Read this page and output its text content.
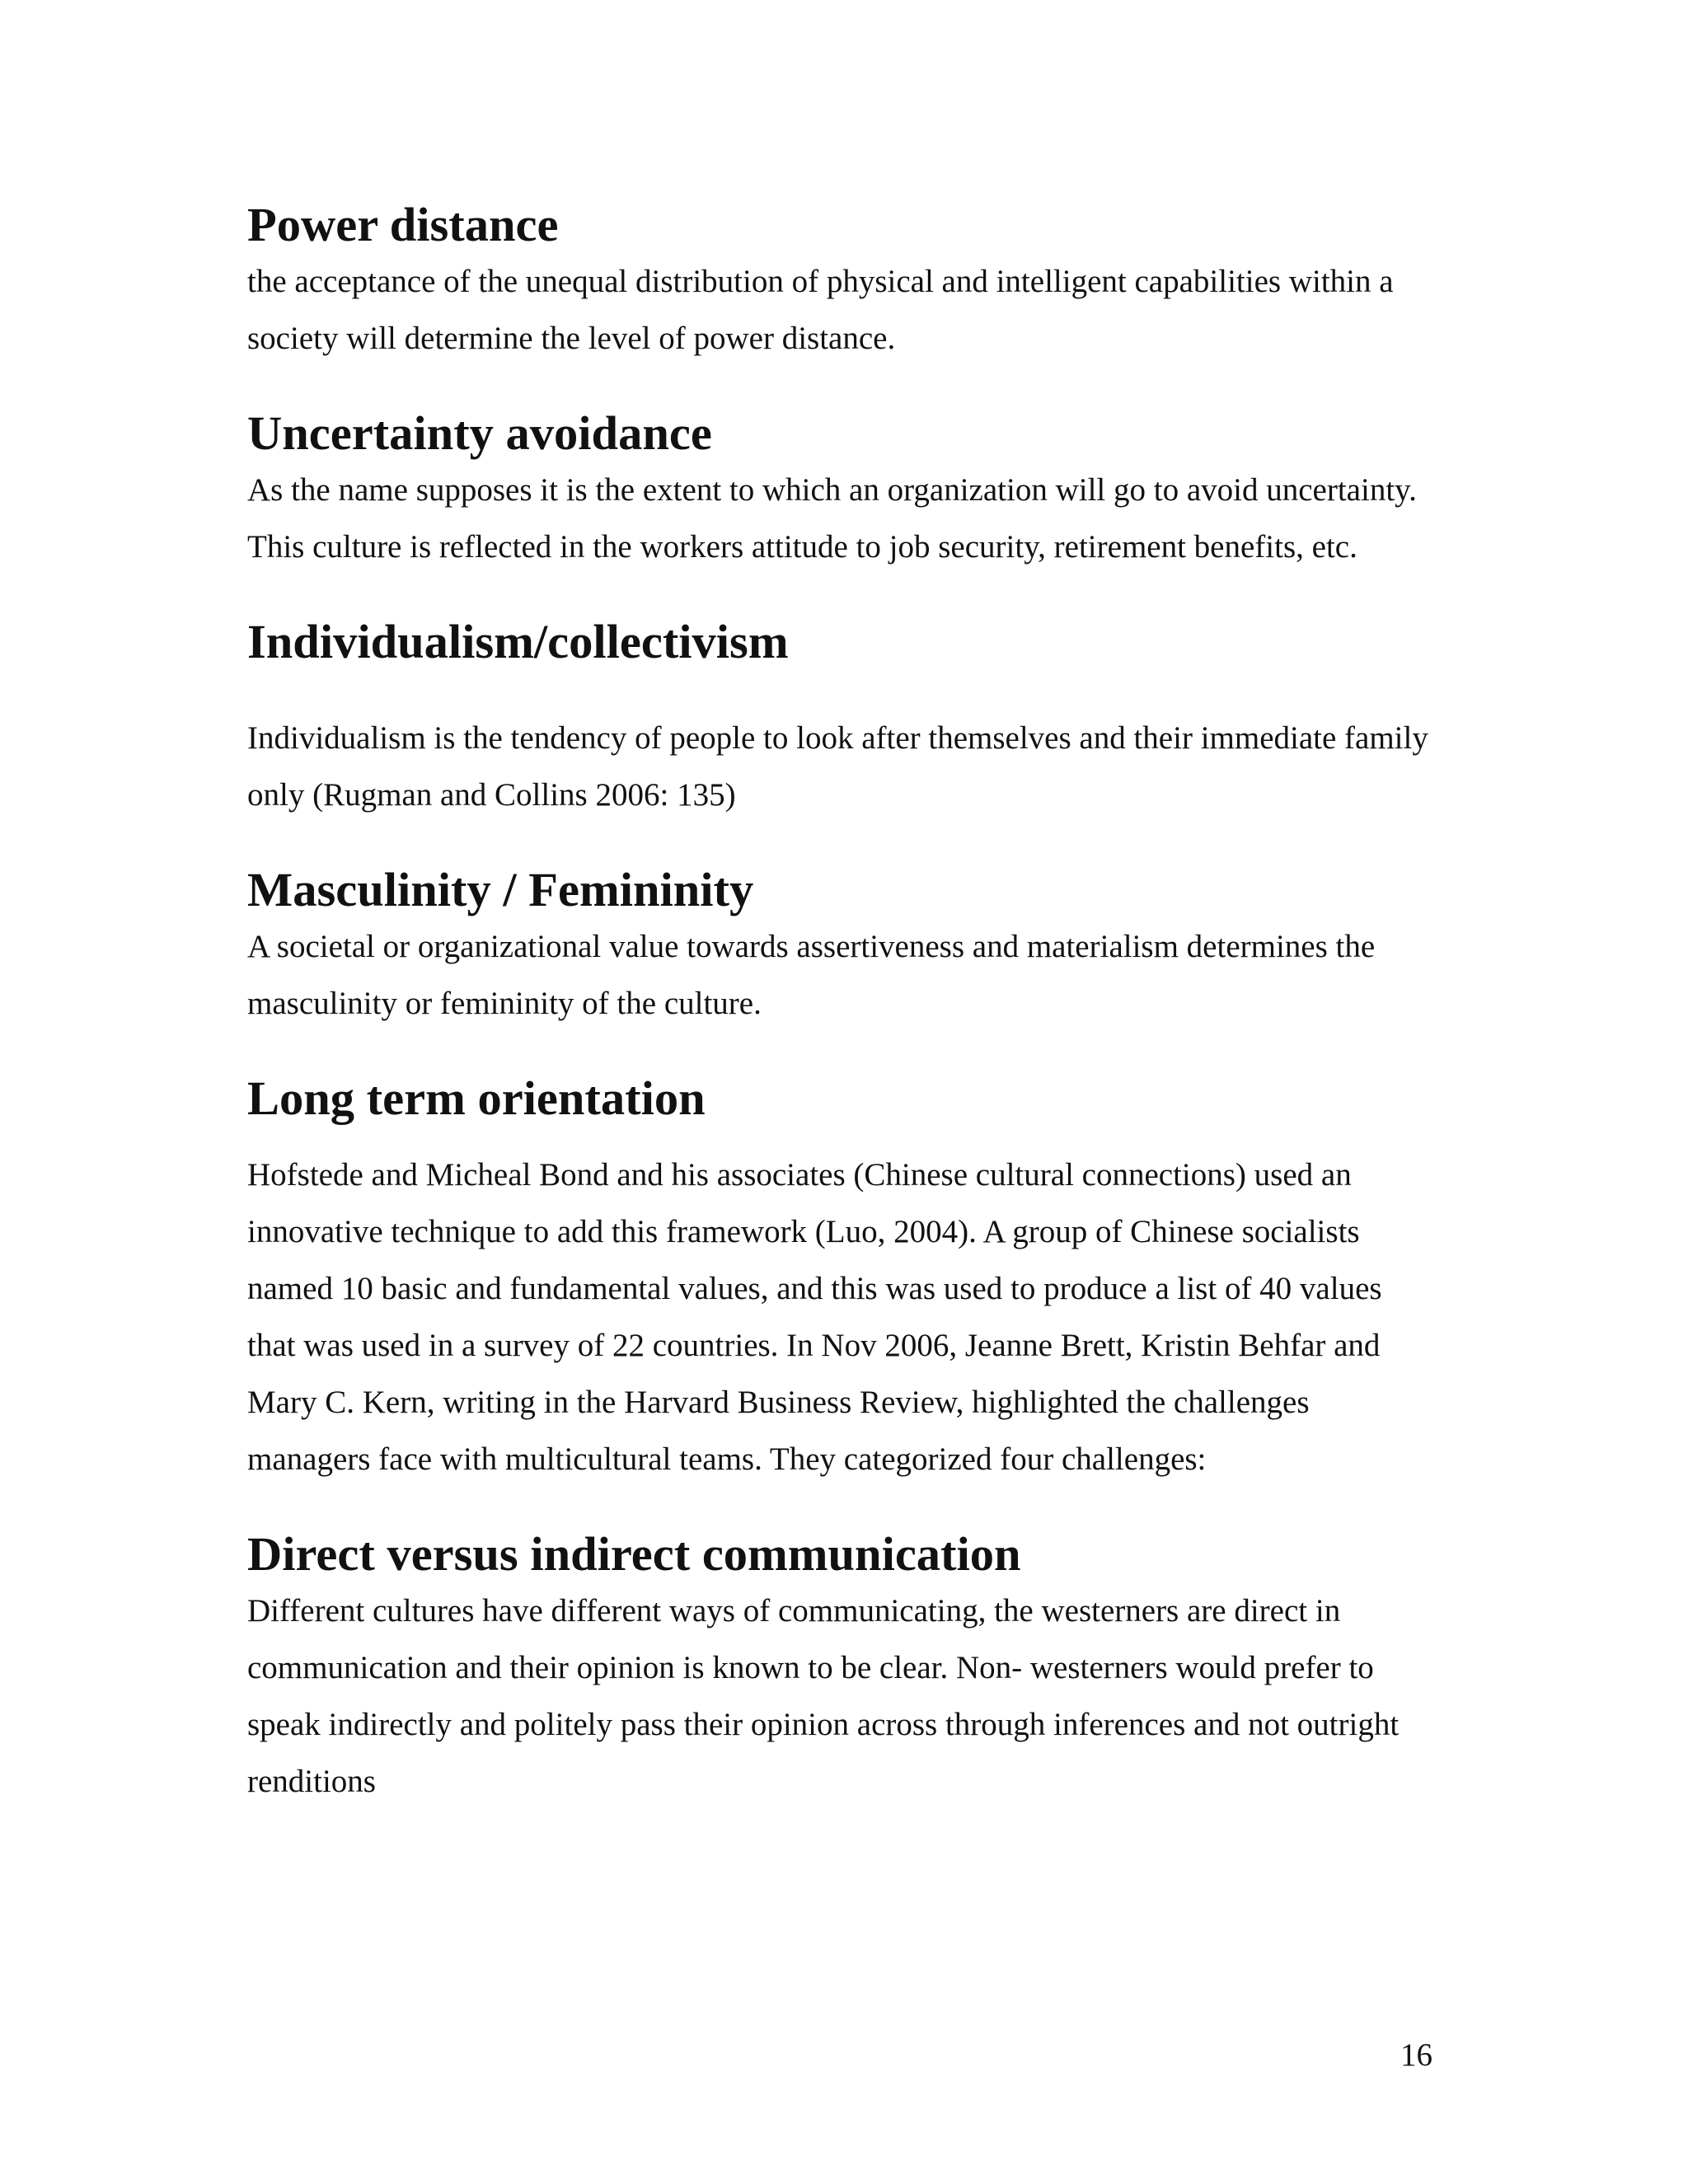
Power distance

the acceptance of the unequal distribution of physical and intelligent capabilities within a society will determine the level of power distance.

Uncertainty avoidance

As the name supposes it is the extent to which an organization will go to avoid uncertainty. This culture is reflected in the workers attitude to job security, retirement benefits, etc.

Individualism/collectivism

Individualism is the tendency of people to look after themselves and their immediate family only (Rugman and Collins 2006: 135)

Masculinity / Femininity

A societal or organizational value towards assertiveness and materialism determines the masculinity or femininity of the culture.

Long term orientation

Hofstede and Micheal Bond and his associates (Chinese cultural connections) used an innovative technique to add this framework (Luo, 2004). A group of Chinese socialists named 10 basic and fundamental values, and this was used to produce a list of 40 values that was used in a survey of 22 countries. In Nov 2006, Jeanne Brett, Kristin Behfar and Mary C. Kern, writing in the Harvard Business Review, highlighted the challenges managers face with multicultural teams. They categorized four challenges:

Direct versus indirect communication

Different cultures have different ways of communicating, the westerners are direct in communication and their opinion is known to be clear. Non- westerners would prefer to speak indirectly and politely pass their opinion across through inferences and not outright renditions

16
